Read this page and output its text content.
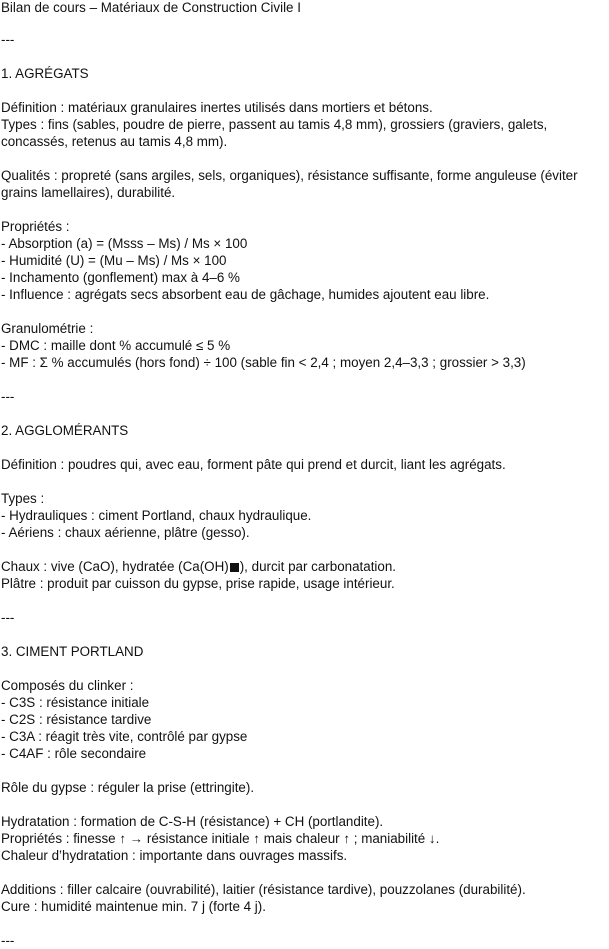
Bilan de cours – Matériaux de Construction Civile I
---
1. AGRÉGATS
Définition : matériaux granulaires inertes utilisés dans mortiers et bétons.
Types : fins (sables, poudre de pierre, passent au tamis 4,8 mm), grossiers (graviers, galets,
concassés, retenus au tamis 4,8 mm).
Qualités : propreté (sans argiles, sels, organiques), résistance suffisante, forme anguleuse (éviter
grains lamellaires), durabilité.
Propriétés :
- Absorption (a) = (Msss – Ms) / Ms × 100
- Humidité (U) = (Mu – Ms) / Ms × 100
- Inchamento (gonflement) max à 4–6 %
- Influence : agrégats secs absorbent eau de gâchage, humides ajoutent eau libre.
Granulométrie :
- DMC : maille dont % accumulé ≤ 5 %
- MF : Σ % accumulés (hors fond) ÷ 100 (sable fin < 2,4 ; moyen 2,4–3,3 ; grossier > 3,3)
---
2. AGGLOMÉRANTS
Définition : poudres qui, avec eau, forment pâte qui prend et durcit, liant les agrégats.
Types :
- Hydrauliques : ciment Portland, chaux hydraulique.
- Aériens : chaux aérienne, plâtre (gesso).
Chaux : vive (CaO), hydratée (Ca(OH) ), durcit par carbonatation.
Plâtre : produit par cuisson du gypse, prise rapide, usage intérieur.
---
3. CIMENT PORTLAND
Composés du clinker :
- C3S : résistance initiale
- C2S : résistance tardive
- C3A : réagit très vite, contrôlé par gypse
- C4AF : rôle secondaire
Rôle du gypse : réguler la prise (ettringite).
Hydratation : formation de C-S-H (résistance) + CH (portlandite).
Propriétés : finesse ↑ → résistance initiale ↑ mais chaleur ↑ ; maniabilité ↓.
Chaleur d’hydratation : importante dans ouvrages massifs.
Additions : filler calcaire (ouvrabilité), laitier (résistance tardive), pouzzolanes (durabilité).
Cure : humidité maintenue min. 7 j (forte 4 j).
---
